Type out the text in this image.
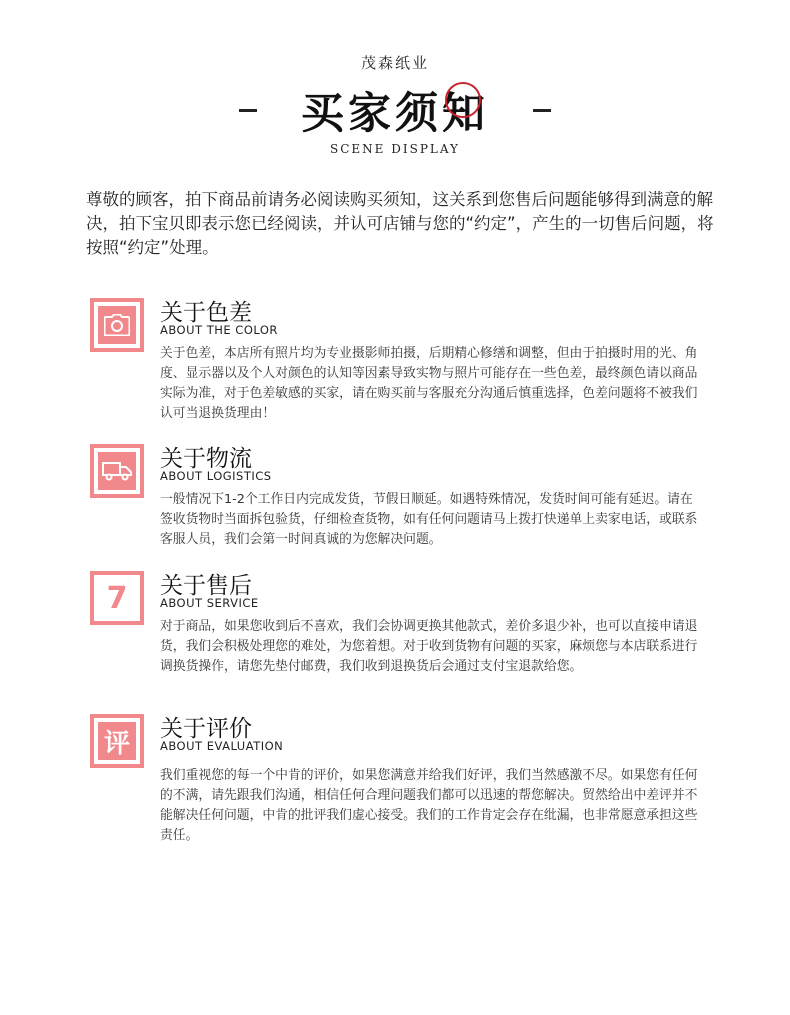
茂森纸业
买家须知
SCENE DISPLAY
尊敬的顾客，拍下商品前请务必阅读购买须知，这关系到您售后问题能够得到满意的解决，拍下宝贝即表示您已经阅读，并认可店铺与您的“约定”，产生的一切售后问题，将按照“约定”处理。
关于色差
ABOUT THE COLOR
关于色差，本店所有照片均为专业摄影师拍摄，后期精心修缮和调整，但由于拍摄时用的光、角度、显示器以及个人对颜色的认知等因素导致实物与照片可能存在一些色差，最终颜色请以商品实际为准，对于色差敏感的买家，请在购买前与客服充分沟通后慎重选择，色差问题将不被我们认可当退换货理由！
关于物流
ABOUT LOGISTICS
一般情况下1-2个工作日内完成发货，节假日顺延。如遇特殊情况，发货时间可能有延迟。请在签收货物时当面拆包验货，仔细检查货物，如有任何问题请马上拨打快递单上卖家电话，或联系客服人员，我们会第一时间真诚的为您解决问题。
7	关于售后
ABOUT SERVICE
对于商品，如果您收到后不喜欢，我们会协调更换其他款式，差价多退少补，也可以直接申请退货，我们会积极处理您的难处，为您着想。对于收到货物有问题的买家，麻烦您与本店联系进行调换货操作，请您先垫付邮费，我们收到退换货后会通过支付宝退款给您。
评 关于评价
ABOUT EVALUATION
我们重视您的每一个中肯的评价，如果您满意并给我们好评，我们当然感激不尽。如果您有任何的不满，请先跟我们沟通，相信任何合理问题我们都可以迅速的帮您解决。贸然给出中差评并不能解决任何问题，中肯的批评我们虚心接受。我们的工作肯定会存在纰漏，也非常愿意承担这些责任。
